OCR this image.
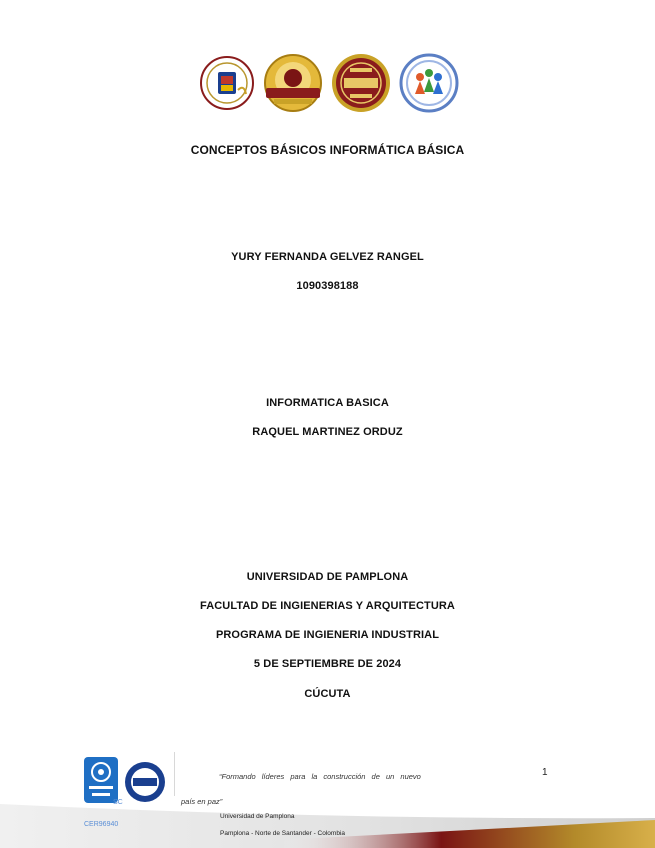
CONCEPTOS BÁSICOS INFORMÁTICA BÁSICA
YURY FERNANDA GELVEZ RANGEL
1090398188
INFORMATICA BASICA
RAQUEL MARTINEZ ORDUZ
UNIVERSIDAD DE PAMPLONA
FACULTAD DE INGIENERIAS Y ARQUITECTURA
PROGRAMA DE INGIENERIA INDUSTRIAL
5 DE SEPTIEMBRE DE 2024
CÚCUTA
SC
CER96940
“Formando líderes para la construcción de un nuevo
país en paz”
1
Universidad de Pamplona
Pamplona - Norte de Santander - Colombia
